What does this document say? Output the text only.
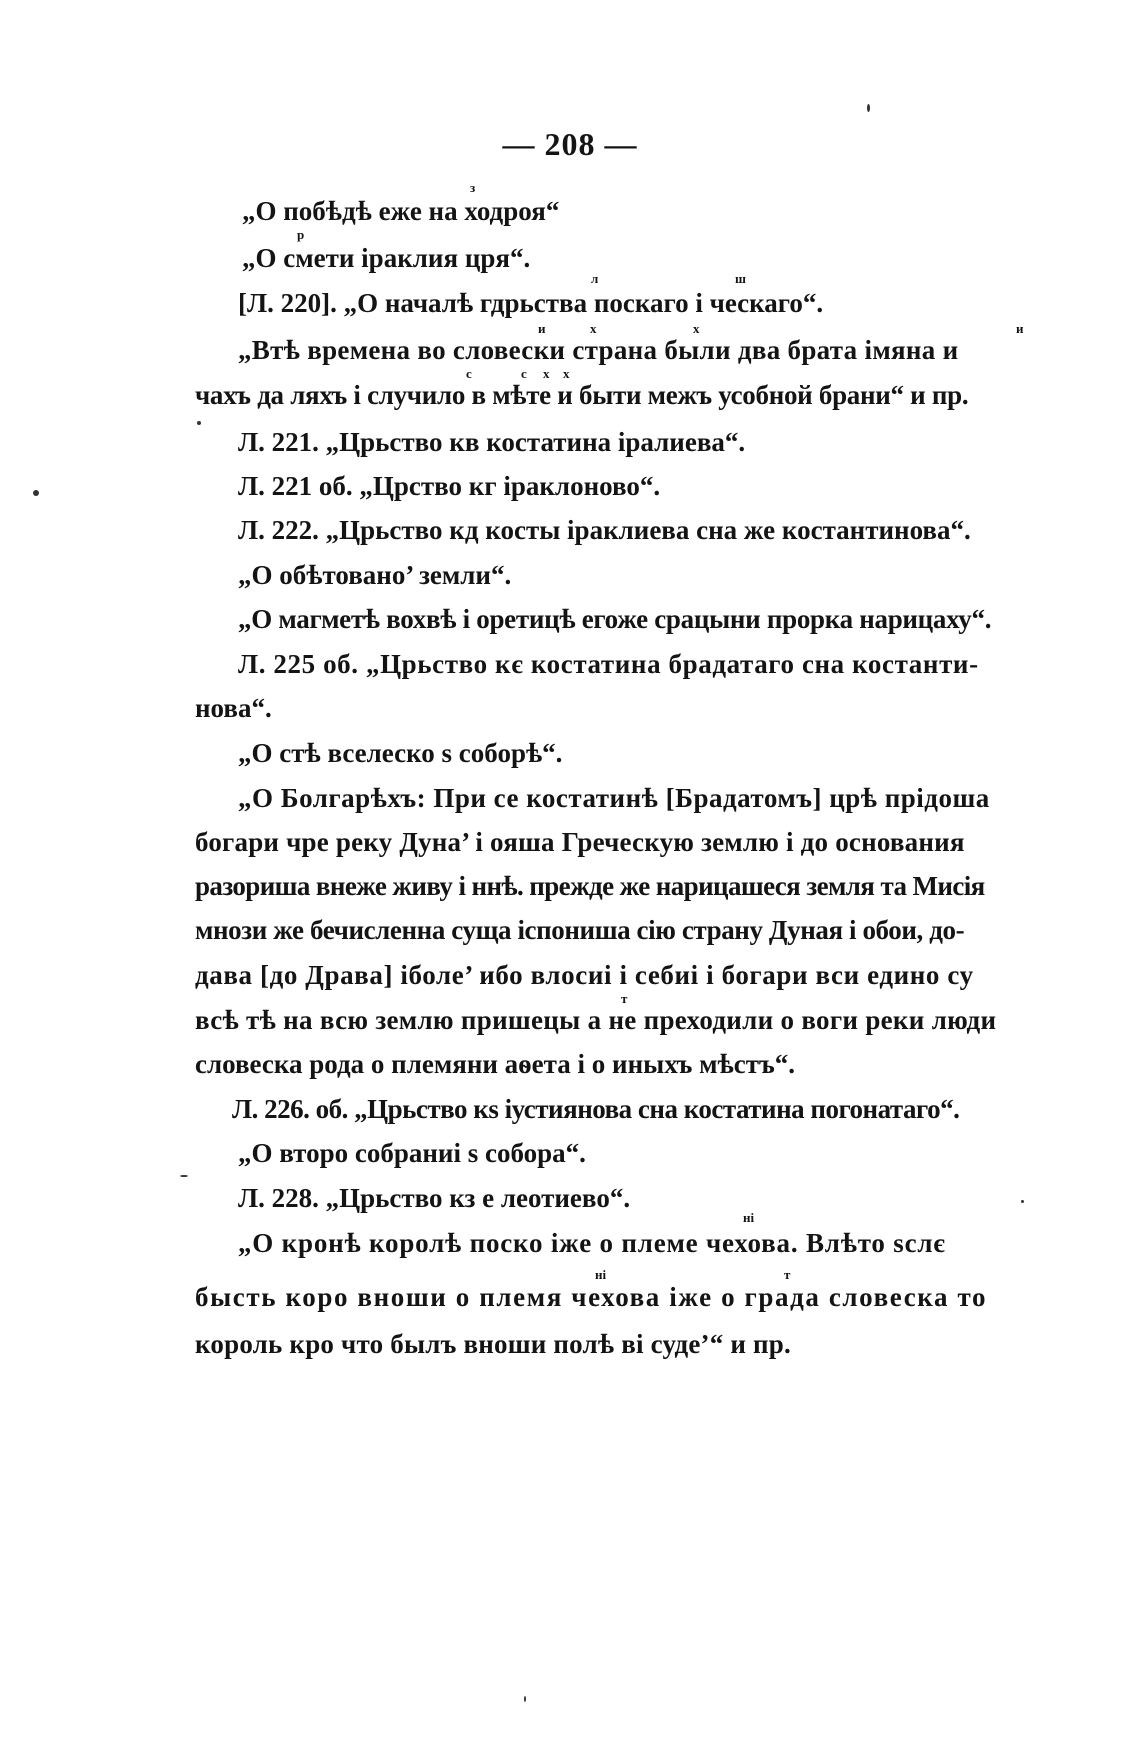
— 208 —
з
„О побѣдѣ еже на ходроя“
р
„О смети іраклия цря“.
л	ш
[Л. 220]. „О началѣ гдрьства поскаго і ческаго“.
и	х	х	и
„Втѣ времена во словески страна были два брата імяна и
с	с х х
чахъ да ляхъ і случило в мѣте и быти межъ усобной брани“ и пр.
Л. 221. „Црьство кв костатина іралиева“.
Л. 221 об. „Црство кг іраклоново“.
Л. 222. „Црьство кд косты іраклиева сна же костантинова“.
„О обѣтовано’ земли“.
„О магметѣ вохвѣ і оретицѣ егоже срацыни прорка нарицаху“.
Л. 225 об. „Црьство кє костатина брадатаго сна костанти-
нова“.
„О стѣ вселеско ѕ соборѣ“.
„О Болгарѣхъ: При се костатинѣ [Брадатомъ] црѣ прідоша
богари чре реку Дуна’ і ояша Греческую землю і до основания
разориша внеже живу і ннѣ. прежде же нарицашеся земля та Мисія
мнози же бечисленна суща іспониша сію страну Дуная і обои, до-
т
дава [до Драва] іболе’ ибо влосиі і себиі і богари вси едино су
всѣ тѣ на всю землю пришецы а не преходили о воги реки люди
словеска рода о племяни аѳета і о иныхъ мѣстъ“.
Л. 226. об. „Црьство кѕ іустиянова сна костатина погонатаго“.
„О второ собраниі ѕ собора“.
Л. 228. „Црьство кз е леотиево“.
ні
„О кронѣ королѣ поско іже о племе чехова. Влѣто ѕслє
ні	т
бысть коро вноши о племя чехова іже о града словеска то
король кро что былъ вноши полѣ ві суде’“ и пр.
